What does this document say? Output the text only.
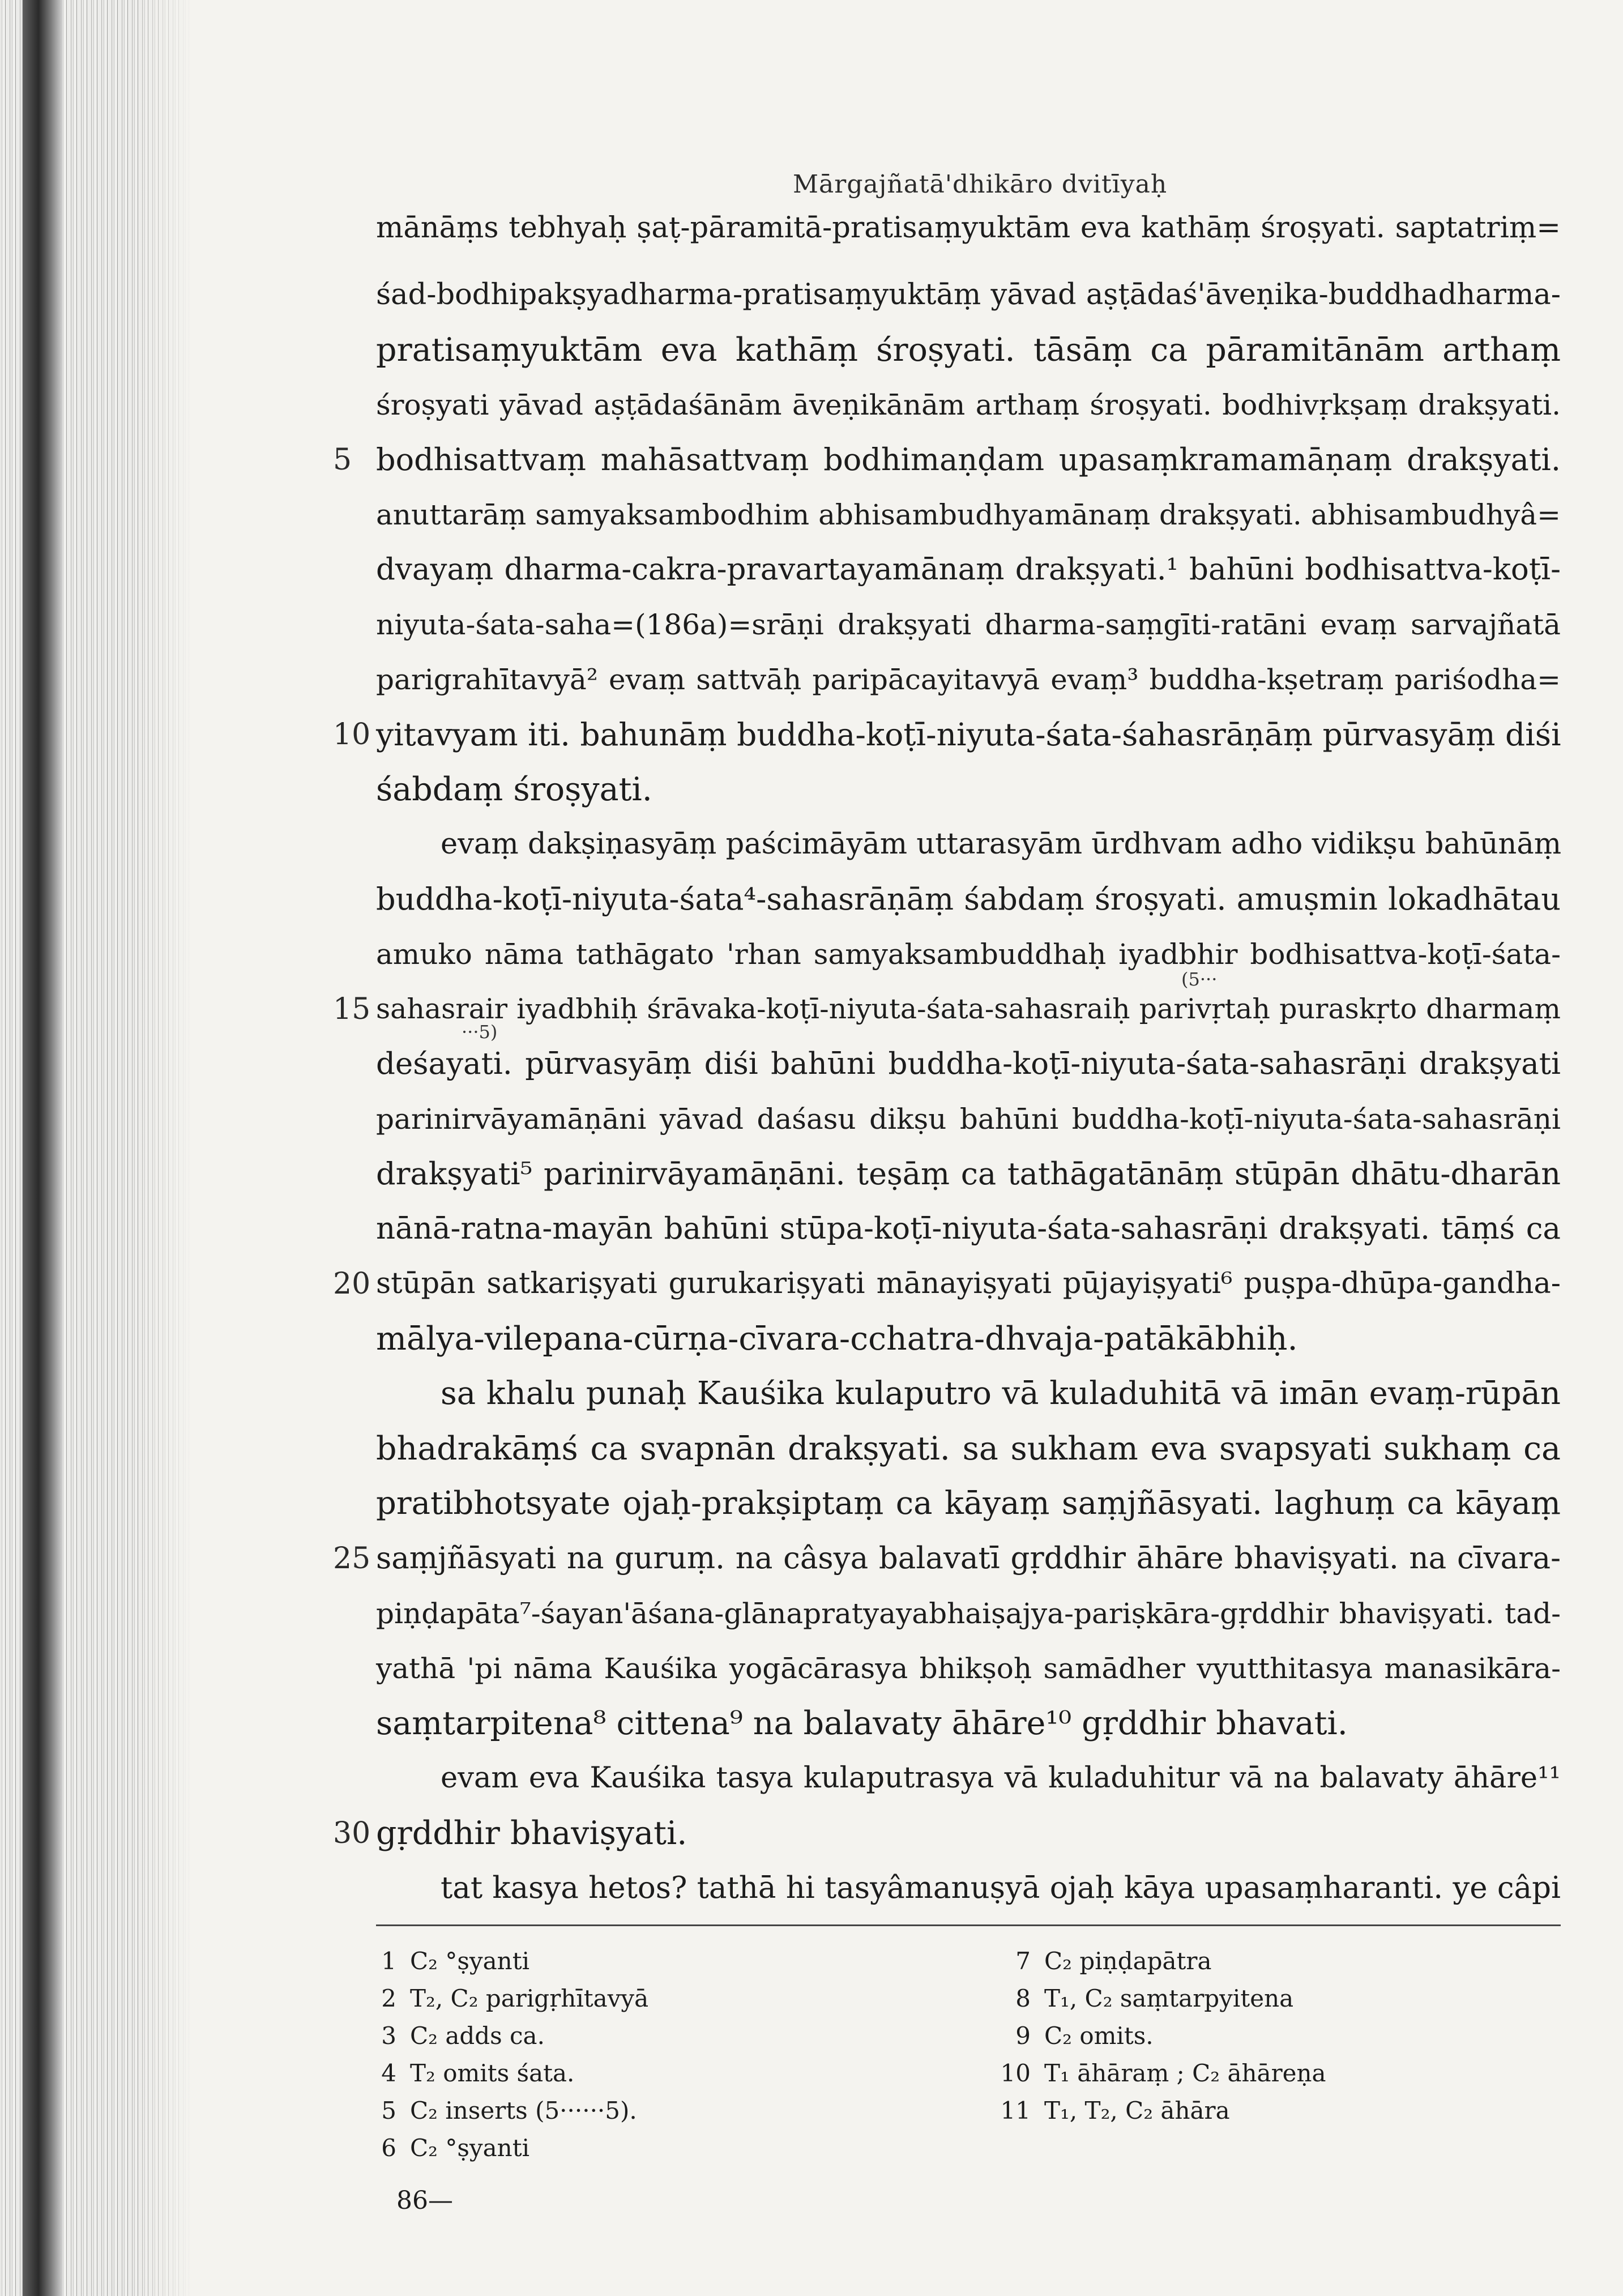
Mārgajñatā'dhikāro dvitīyaḥ
mānāṃs tebhyaḥ ṣaṭ-pāramitā-pratisaṃyuktām eva kathāṃ śroṣyati. saptatriṃ=
śad-bodhipakṣyadharma-pratisaṃyuktāṃ yāvad aṣṭādaś'āveṇika-buddhadharma-
pratisaṃyuktām eva kathāṃ śroṣyati. tāsāṃ ca pāramitānām arthaṃ
śroṣyati yāvad aṣṭādaśānām āveṇikānām arthaṃ śroṣyati. bodhivṛkṣaṃ drakṣyati.
5 bodhisattvaṃ mahāsattvaṃ bodhimaṇḍam upasaṃkramamāṇaṃ drakṣyati.
anuttarāṃ samyaksambodhim abhisambudhyamānaṃ drakṣyati. abhisambudhyâ=
dvayaṃ dharma-cakra-pravartayamānaṃ drakṣyati.¹ bahūni bodhisattva-koṭī-
niyuta-śata-saha=(186a)=srāṇi drakṣyati dharma-saṃgīti-ratāni evaṃ sarvajñatā
parigrahītavyā² evaṃ sattvāḥ paripācayitavyā evaṃ³ buddha-kṣetraṃ pariśodha=
10 yitavyam iti. bahunāṃ buddha-koṭī-niyuta-śata-śahasrāṇāṃ pūrvasyāṃ diśi
śabdaṃ śroṣyati.
evaṃ dakṣiṇasyāṃ paścimāyām uttarasyām ūrdhvam adho vidikṣu bahūnāṃ
buddha-koṭī-niyuta-śata⁴-sahasrāṇāṃ śabdaṃ śroṣyati. amuṣmin lokadhātau
amuko nāma tathāgato 'rhan samyaksambuddhaḥ iyadbhir bodhisattva-koṭī-śata-
15 sahasrair iyadbhiḥ śrāvaka-koṭī-niyuta-śata-sahasraiḥ parivṛtaḥ puraskṛto dharmaṃ
deśayati. pūrvasyāṃ diśi bahūni buddha-koṭī-niyuta-śata-sahasrāṇi drakṣyati
parinirvāyamāṇāni yāvad daśasu dikṣu bahūni buddha-koṭī-niyuta-śata-sahasrāṇi
drakṣyati⁵ parinirvāyamāṇāni. teṣāṃ ca tathāgatānāṃ stūpān dhātu-dharān
nānā-ratna-mayān bahūni stūpa-koṭī-niyuta-śata-sahasrāṇi drakṣyati. tāṃś ca
20 stūpān satkariṣyati gurukariṣyati mānayiṣyati pūjayiṣyati⁶ puṣpa-dhūpa-gandha-
mālya-vilepana-cūrṇa-cīvara-cchatra-dhvaja-patākābhiḥ.
sa khalu punaḥ Kauśika kulaputro vā kuladuhitā vā imān evaṃ-rūpān
bhadrakāṃś ca svapnān drakṣyati. sa sukham eva svapsyati sukhaṃ ca
pratibhotsyate ojaḥ-prakṣiptaṃ ca kāyaṃ saṃjñāsyati. laghuṃ ca kāyaṃ
25 saṃjñāsyati na guruṃ. na câsya balavatī gṛddhir āhāre bhaviṣyati. na cīvara-
piṇḍapāta⁷-śayan'āśana-glānapratyayabhaiṣajya-pariṣkāra-gṛddhir bhaviṣyati. tad-
yathā 'pi nāma Kauśika yogācārasya bhikṣoḥ samādher vyutthitasya manasikāra-
saṃtarpitena⁸ cittena⁹ na balavaty āhāre¹⁰ gṛddhir bhavati.
evam eva Kauśika tasya kulaputrasya vā kuladuhitur vā na balavaty āhāre¹¹
30 gṛddhir bhaviṣyati.
tat kasya hetos? tathā hi tasyâmanuṣyā ojaḥ kāya upasaṃharanti. ye câpi
(5···
···5)
1 C₂ °ṣyanti
2 T₂, C₂ parigṛhītavyā
3 C₂ adds ca.
4 T₂ omits śata.
5 C₂ inserts (5······5).
6 C₂ °ṣyanti
7 C₂ piṇḍapātra
8 T₁, C₂ saṃtarpyitena
9 C₂ omits.
10 T₁ āhāraṃ ; C₂ āhāreṇa
11 T₁, T₂, C₂ āhāra
86—
